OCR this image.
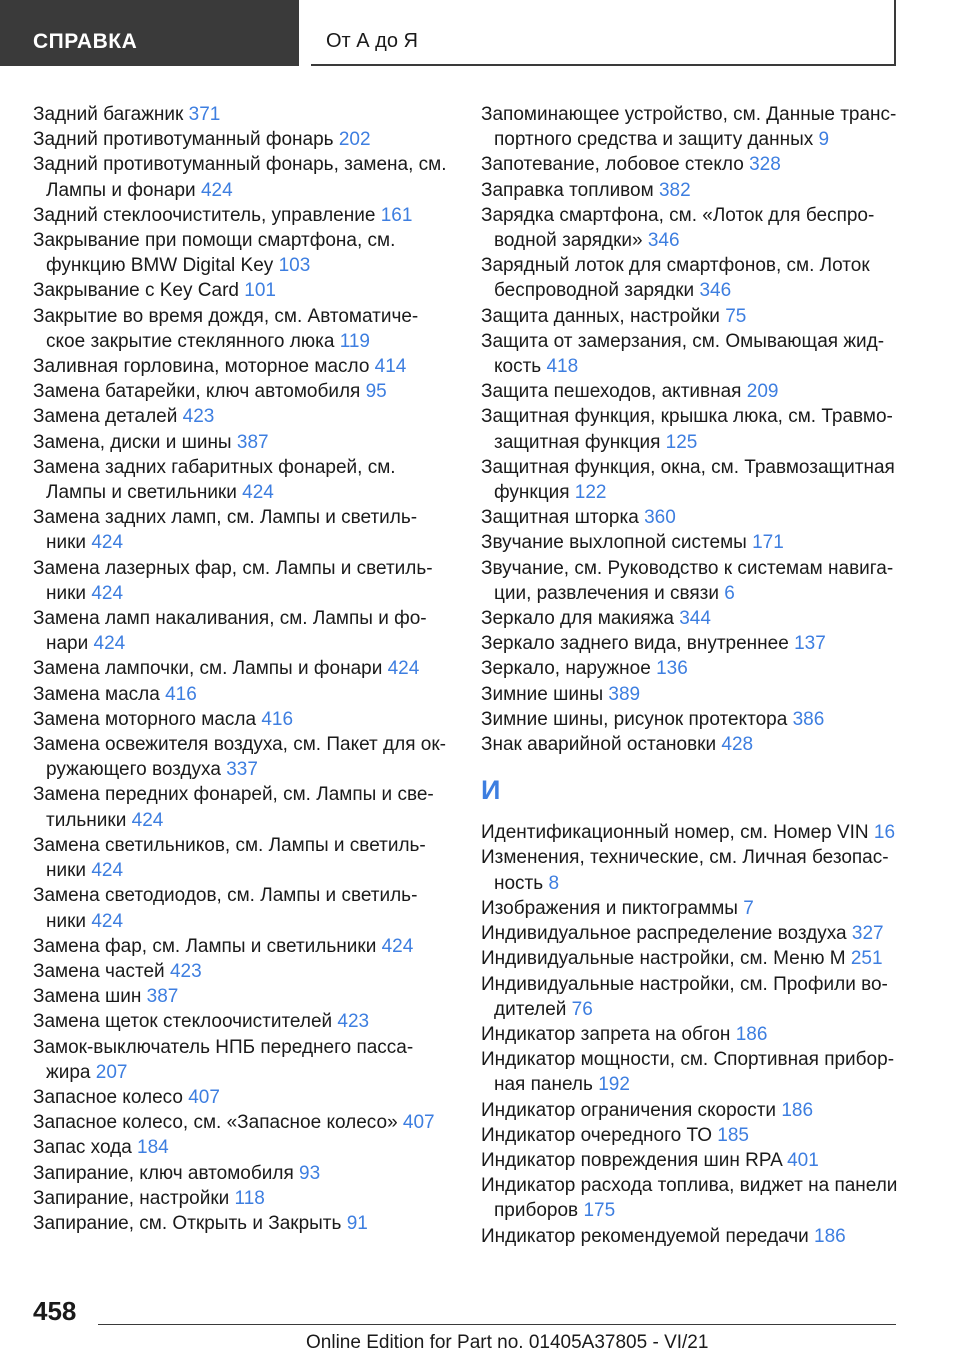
СПРАВКА	От А до Я
Задний багажник 371
Задний противотуманный фонарь 202
Задний противотуманный фонарь, замена, см.
Лампы и фонари 424
Задний стеклоочиститель, управление 161
Закрывание при помощи смартфона, см.
функцию BMW Digital Key 103
Закрывание с Key Card 101
Закрытие во время дождя, см. Автоматиче-
ское закрытие стеклянного люка 119
Заливная горловина, моторное масло 414
Замена батарейки, ключ автомобиля 95
Замена деталей 423
Замена, диски и шины 387
Замена задних габаритных фонарей, см.
Лампы и светильники 424
Замена задних ламп, см. Лампы и светиль-
ники 424
Замена лазерных фар, см. Лампы и светиль-
ники 424
Замена ламп накаливания, см. Лампы и фо-
нари 424
Замена лампочки, см. Лампы и фонари 424
Замена масла 416
Замена моторного масла 416
Замена освежителя воздуха, см. Пакет для ок-
ружающего воздуха 337
Замена передних фонарей, см. Лампы и све-
тильники 424
Замена светильников, см. Лампы и светиль-
ники 424
Замена светодиодов, см. Лампы и светиль-
ники 424
Замена фар, см. Лампы и светильники 424
Замена частей 423
Замена шин 387
Замена щеток стеклоочистителей 423
Замок-выключатель НПБ переднего пасса-
жира 207
Запасное колесо 407
Запасное колесо, см. «Запасное колесо» 407
Запас хода 184
Запирание, ключ автомобиля 93
Запирание, настройки 118
Запирание, см. Открыть и Закрыть 91
Запоминающее устройство, см. Данные транс-
портного средства и защиту данных 9
Запотевание, лобовое стекло 328
Заправка топливом 382
Зарядка смартфона, см. «Лоток для беспро-
водной зарядки» 346
Зарядный лоток для смартфонов, см. Лоток
беспроводной зарядки 346
Защита данных, настройки 75
Защита от замерзания, см. Омывающая жид-
кость 418
Защита пешеходов, активная 209
Защитная функция, крышка люка, см. Травмо-
защитная функция 125
Защитная функция, окна, см. Травмозащитная
функция 122
Защитная шторка 360
Звучание выхлопной системы 171
Звучание, см. Руководство к системам навига-
ции, развлечения и связи 6
Зеркало для макияжа 344
Зеркало заднего вида, внутреннее 137
Зеркало, наружное 136
Зимние шины 389
Зимние шины, рисунок протектора 386
Знак аварийной остановки 428
И
Идентификационный номер, см. Номер VIN 16
Изменения, технические, см. Личная безопас-
ность 8
Изображения и пиктограммы 7
Индивидуальное распределение воздуха 327
Индивидуальные настройки, см. Меню M 251
Индивидуальные настройки, см. Профили во-
дителей 76
Индикатор запрета на обгон 186
Индикатор мощности, см. Спортивная прибор-
ная панель 192
Индикатор ограничения скорости 186
Индикатор очередного ТО 185
Индикатор повреждения шин RPA 401
Индикатор расхода топлива, виджет на панели
приборов 175
Индикатор рекомендуемой передачи 186
458
Online Edition for Part no. 01405A37805 - VI/21
